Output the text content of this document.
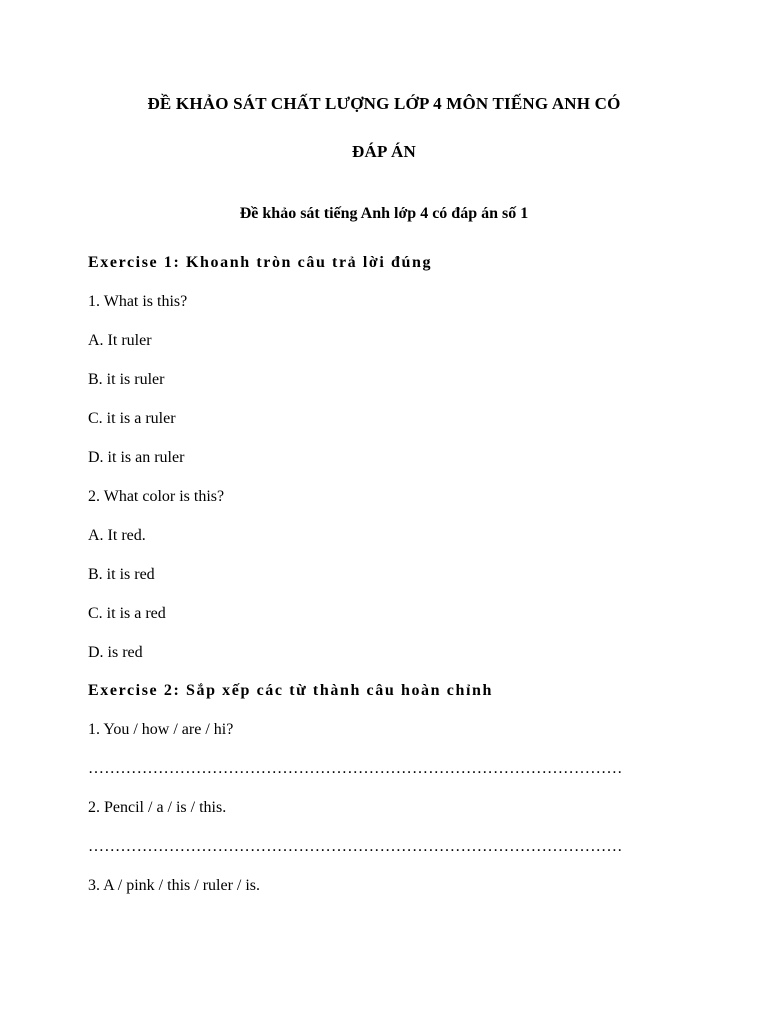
ĐỀ KHẢO SÁT CHẤT LƯỢNG LỚP 4 MÔN TIẾNG ANH CÓ
ĐÁP ÁN
Đề khảo sát tiếng Anh lớp 4 có đáp án số 1
Exercise 1: Khoanh tròn câu trả lời đúng
1. What is this?
A. It ruler
B. it is ruler
C. it is a ruler
D. it is an ruler
2. What color is this?
A. It red.
B. it is red
C. it is a red
D. is red
Exercise 2: Sắp xếp các từ thành câu hoàn chỉnh
1. You / how / are / hi?
………………………………………………………………………………………
2. Pencil / a / is / this.
………………………………………………………………………………………
3. A / pink / this / ruler / is.
